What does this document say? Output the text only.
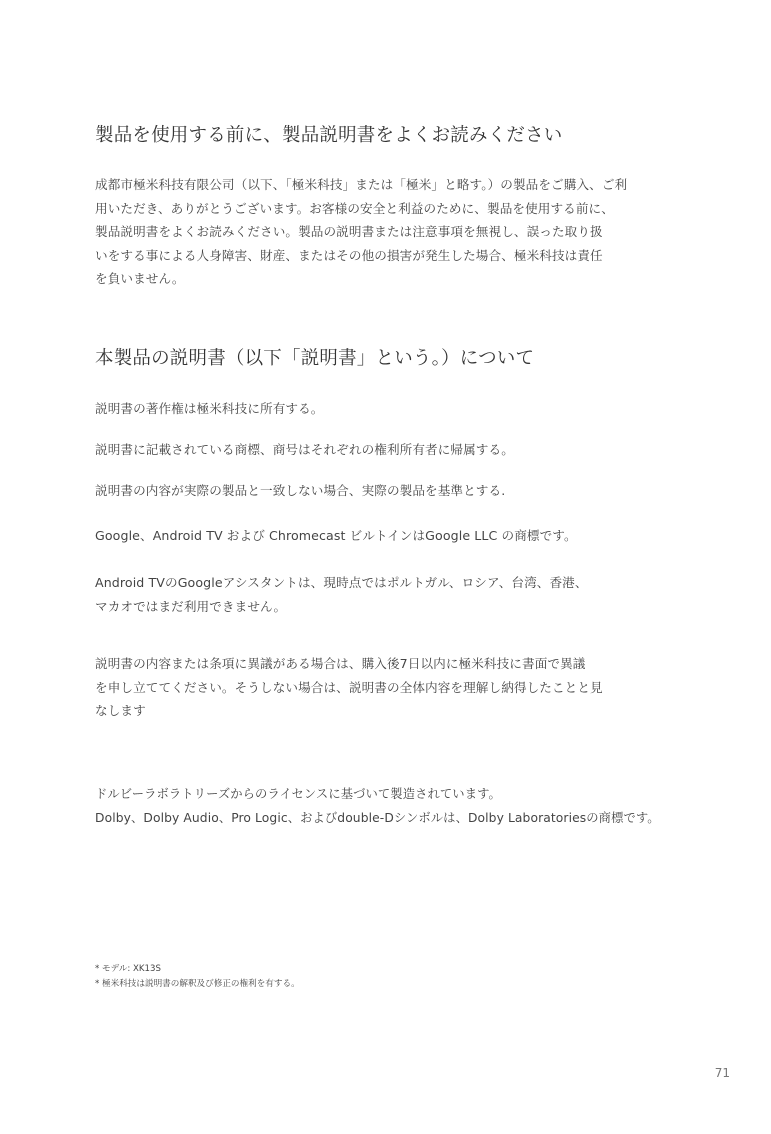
製品を使用する前に、製品説明書をよくお読みください
成都市極米科技有限公司（以下、「極米科技」または「極米」と略す。）の製品をご購入、ご利
用いただき、ありがとうございます。お客様の安全と利益のために、製品を使用する前に、
製品説明書をよくお読みください。製品の説明書または注意事項を無視し、誤った取り扱
いをする事による人身障害、財産、またはその他の損害が発生した場合、極米科技は責任
を負いません。
本製品の説明書（以下「説明書」という。）について
説明書の著作権は極米科技に所有する。
説明書に記載されている商標、商号はそれぞれの権利所有者に帰属する。
説明書の内容が実際の製品と一致しない場合、実際の製品を基準とする.
Google、Android TV および Chromecast ビルトインはGoogle LLC の商標です。
Android TVのGoogleアシスタントは、現時点ではポルトガル、ロシア、台湾、香港、
マカオではまだ利用できません。
説明書の内容または条項に異議がある場合は、購入後7日以内に極米科技に書面で異議
を申し立ててください。そうしない場合は、説明書の全体内容を理解し納得したことと見
なします
ドルビーラボラトリーズからのライセンスに基づいて製造されています。
Dolby、Dolby Audio、Pro Logic、およびdouble-Dシンボルは、Dolby Laboratoriesの商標です。
* モデル: XK13S
* 極米科技は説明書の解釈及び修正の権利を有する。
71
